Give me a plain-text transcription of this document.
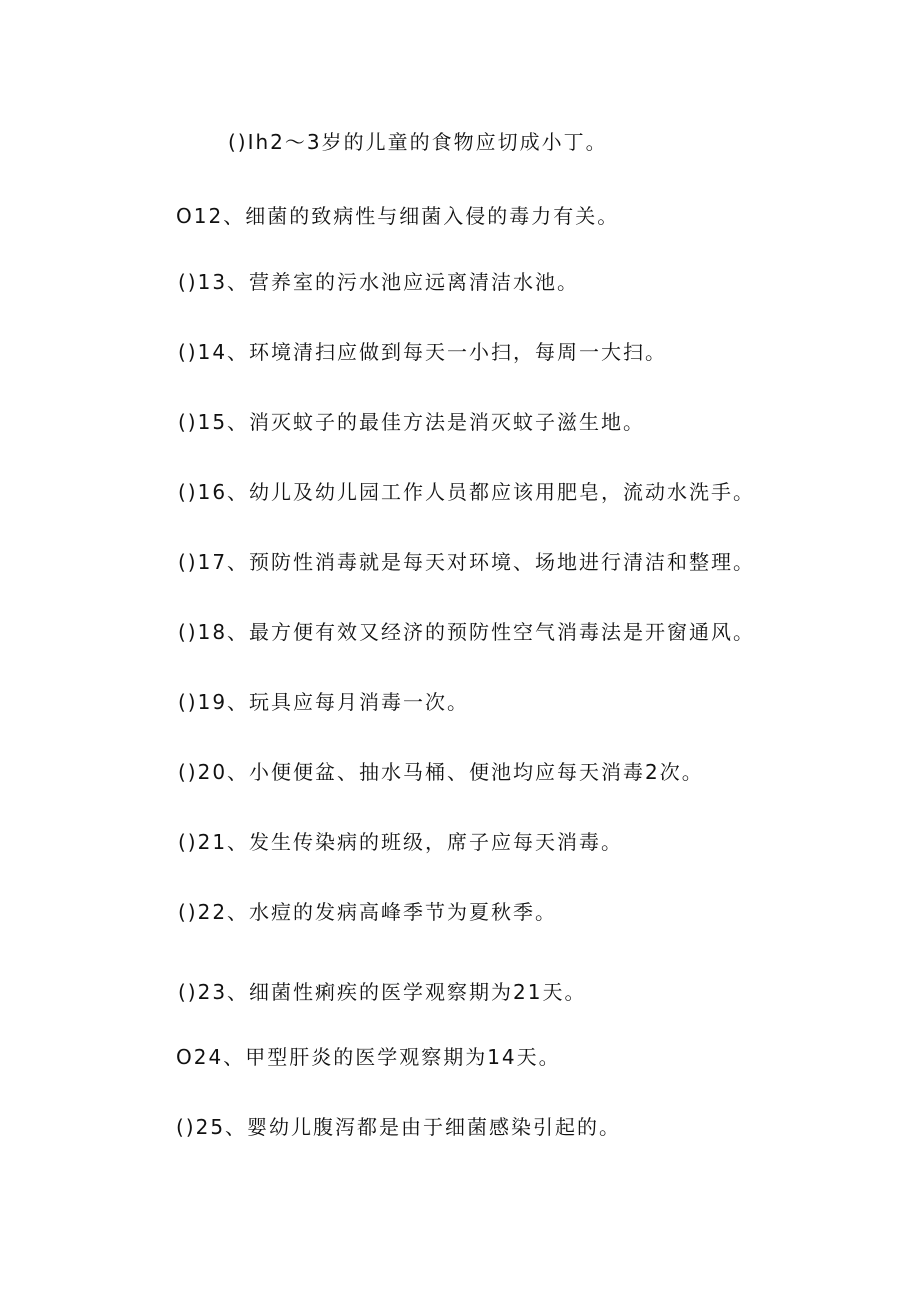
()Ih2〜3岁的儿童的食物应切成小丁。
O12、细菌的致病性与细菌入侵的毒力有关。
()13、营养室的污水池应远离清洁水池。
()14、环境清扫应做到每天一小扫，每周一大扫。
()15、消灭蚊子的最佳方法是消灭蚊子滋生地。
()16、幼儿及幼儿园工作人员都应该用肥皂，流动水洗手。
()17、预防性消毒就是每天对环境、场地进行清洁和整理。
()18、最方便有效又经济的预防性空气消毒法是开窗通风。
()19、玩具应每月消毒一次。
()20、小便便盆、抽水马桶、便池均应每天消毒2次。
()21、发生传染病的班级，席子应每天消毒。
()22、水痘的发病高峰季节为夏秋季。
()23、细菌性痢疾的医学观察期为21天。
O24、甲型肝炎的医学观察期为14天。
()25、婴幼儿腹泻都是由于细菌感染引起的。
